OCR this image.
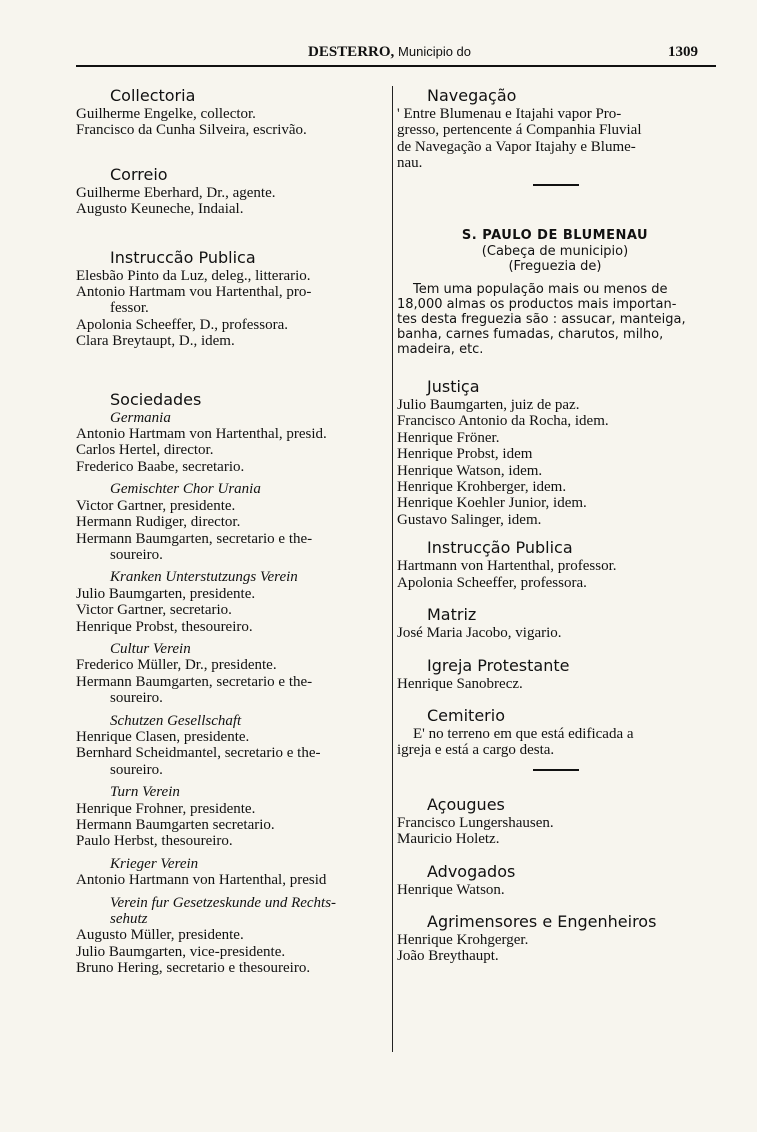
DESTERRO, Municipio do	1309
Collectoria
Guilherme Engelke, collector.
Francisco da Cunha Silveira, escrivão.
Correio
Guilherme Eberhard, Dr., agente.
Augusto Keuneche, Indaial.
Instruccão Publica
Elesbão Pinto da Luz, deleg., litterario.
Antonio Hartmam vou Hartenthal, pro-
fessor.
Apolonia Scheeffer, D., professora.
Clara Breytaupt, D., idem.
Sociedades
Germania
Antonio Hartmam von Hartenthal, presid.
Carlos Hertel, director.
Frederico Baabe, secretario.
Gemischter Chor Urania
Victor Gartner, presidente.
Hermann Rudiger, director.
Hermann Baumgarten, secretario e the-
soureiro.
Kranken Unterstutzungs Verein
Julio Baumgarten, presidente.
Victor Gartner, secretario.
Henrique Probst, thesoureiro.
Cultur Verein
Frederico Müller, Dr., presidente.
Hermann Baumgarten, secretario e the-
soureiro.
Schutzen Gesellschaft
Henrique Clasen, presidente.
Bernhard Scheidmantel, secretario e the-
soureiro.
Turn Verein
Henrique Frohner, presidente.
Hermann Baumgarten secretario.
Paulo Herbst, thesoureiro.
Krieger Verein
Antonio Hartmann von Hartenthal, presid
Verein fur Gesetzeskunde und Rechts-
sehutz
Augusto Müller, presidente.
Julio Baumgarten, vice-presidente.
Bruno Hering, secretario e thesoureiro.
Navegação
' Entre Blumenau e Itajahi vapor Pro-
gresso, pertencente á Companhia Fluvial
de Navegação a Vapor Itajahy e Blume-
nau.
S. PAULO DE BLUMENAU
(Cabeça de municipio)
(Freguezia de)
Tem uma população mais ou menos de
18,000 almas os productos mais importan-
tes desta freguezia são : assucar, manteiga,
banha, carnes fumadas, charutos, milho,
madeira, etc.
Justiça
Julio Baumgarten, juiz de paz.
Francisco Antonio da Rocha, idem.
Henrique Fröner.
Henrique Probst, idem
Henrique Watson, idem.
Henrique Krohberger, idem.
Henrique Koehler Junior, idem.
Gustavo Salinger, idem.
Instrucção Publica
Hartmann von Hartenthal, professor.
Apolonia Scheeffer, professora.
Matriz
José Maria Jacobo, vigario.
Igreja Protestante
Henrique Sanobrecz.
Cemiterio
E' no terreno em que está edificada a
igreja e está a cargo desta.
Açougues
Francisco Lungershausen.
Mauricio Holetz.
Advogados
Henrique Watson.
Agrimensores e Engenheiros
Henrique Krohgerger.
João Breythaupt.
